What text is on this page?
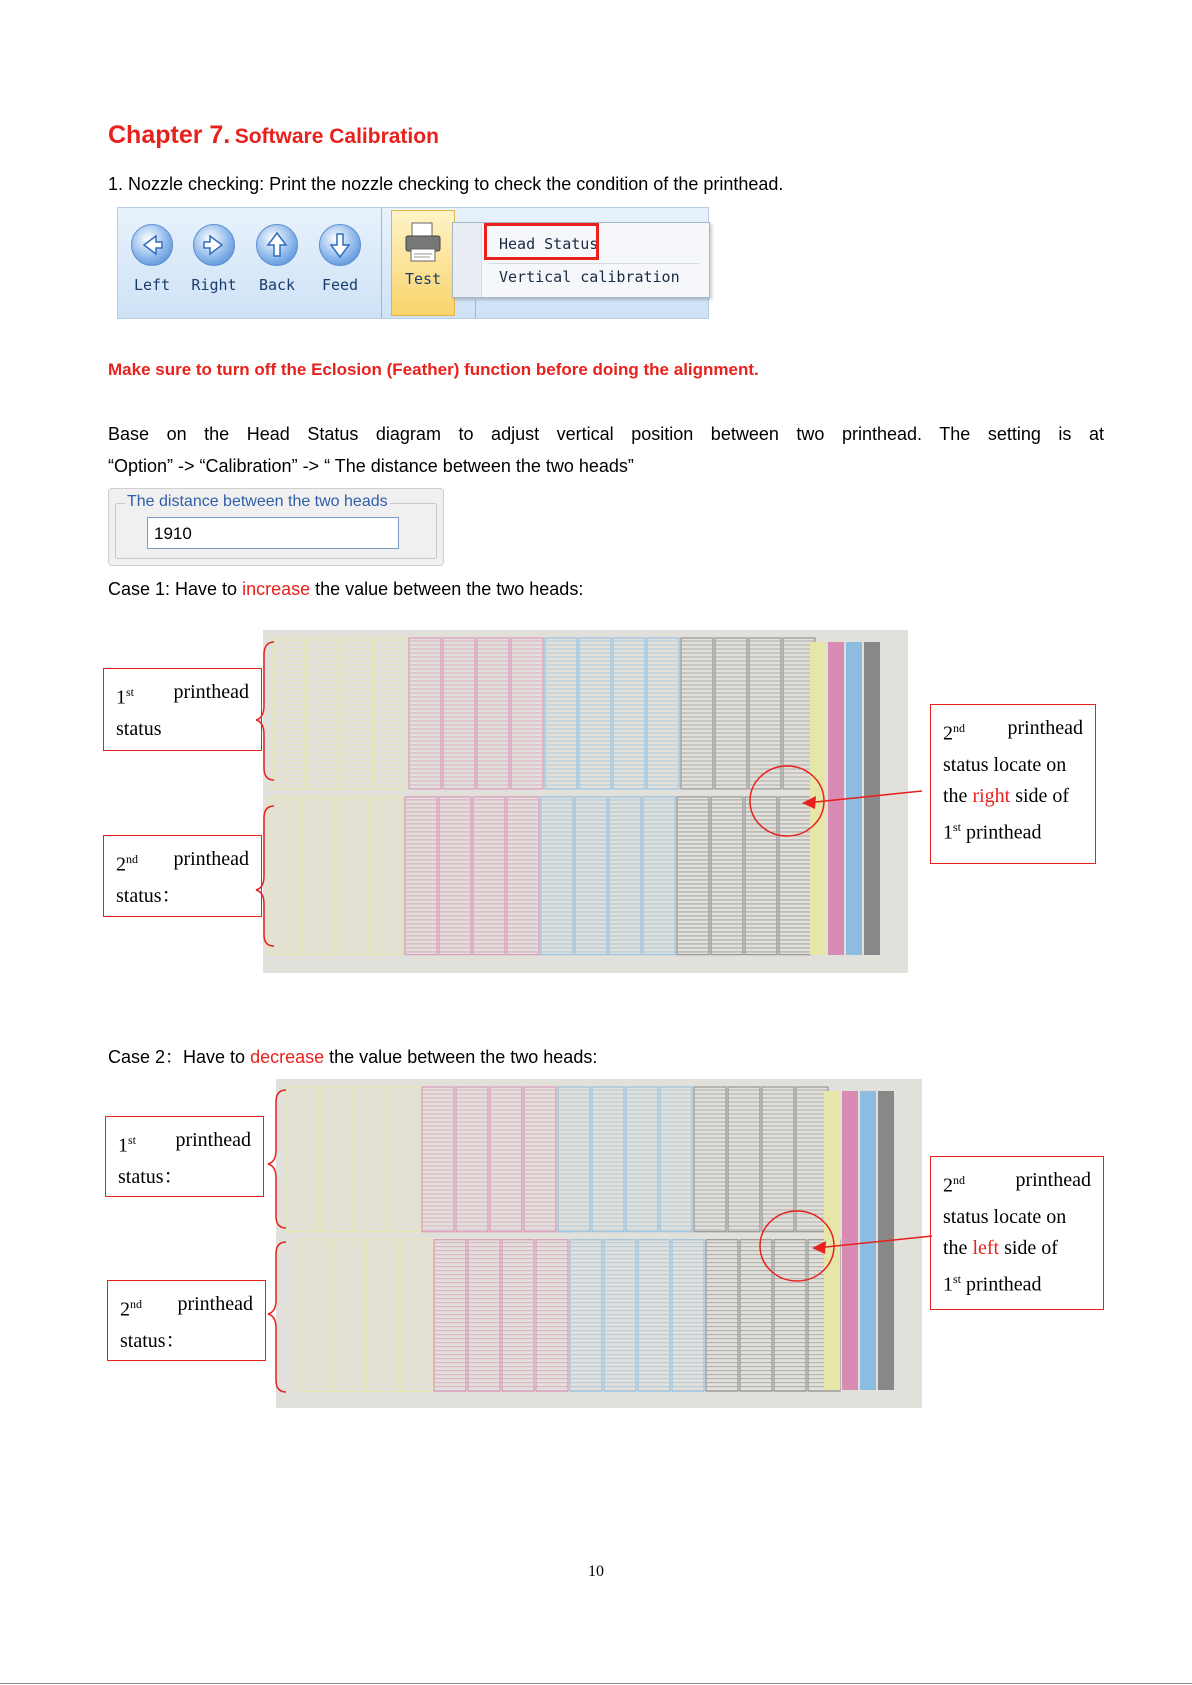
Chapter 7. Software Calibration
1. Nozzle checking: Print the nozzle checking to check the condition of the printhead.
Left	Right	Back	Feed	Test
Head Status
Vertical calibration
Make sure to turn off the Eclosion (Feather) function before doing the alignment.
Base on the Head Status diagram to adjust vertical position between two printhead. The setting is at
“Option” -> “Calibration” -> “ The distance between the two heads”
The distance between the two heads
1910
Case 1: Have to increase the value between the two heads:
1st printhead
status
2nd printhead
status：
2nd printhead
status locate on
the right side of
1st printhead
Case 2：Have to decrease the value between the two heads:
1st printhead
status：
2nd printhead
status：
2nd	printhead
status locate on
the left side of
1st printhead
10
